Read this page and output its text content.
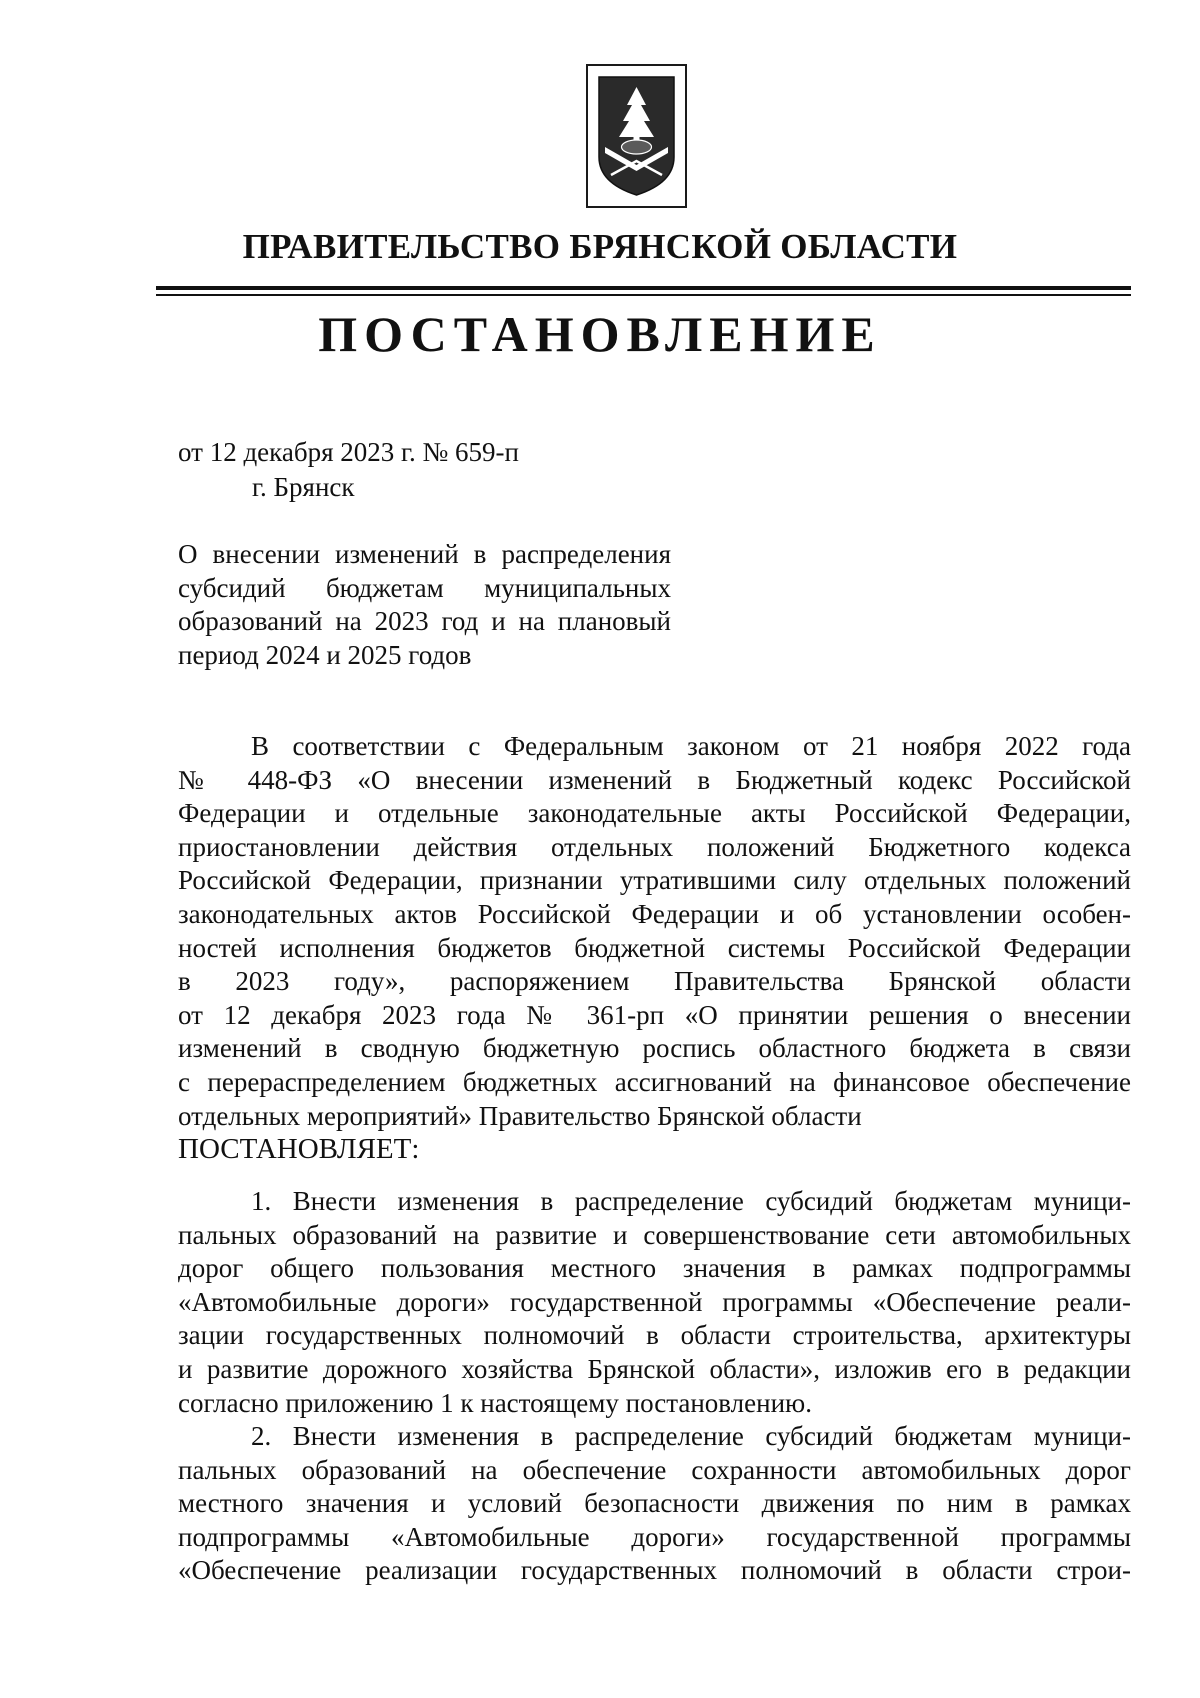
ПРАВИТЕЛЬСТВО БРЯНСКОЙ ОБЛАСТИ
ПОСТАНОВЛЕНИЕ
от 12 декабря 2023 г. № 659-п
г. Брянск
О внесении изменений в распределения
субсидий бюджетам муниципальных
образований на 2023 год и на плановый
период 2024 и 2025 годов
В соответствии с Федеральным законом от 21 ноября 2022 года
№ 448-ФЗ «О внесении изменений в Бюджетный кодекс Российской
Федерации и отдельные законодательные акты Российской Федерации,
приостановлении действия отдельных положений Бюджетного кодекса
Российской Федерации, признании утратившими силу отдельных положений
законодательных актов Российской Федерации и об установлении особен-
ностей исполнения бюджетов бюджетной системы Российской Федерации
в 2023 году», распоряжением Правительства Брянской области
от 12 декабря 2023 года № 361-рп «О принятии решения о внесении
изменений в сводную бюджетную роспись областного бюджета в связи
с перераспределением бюджетных ассигнований на финансовое обеспечение
отдельных мероприятий» Правительство Брянской области
ПОСТАНОВЛЯЕТ:
1. Внести изменения в распределение субсидий бюджетам муници-
пальных образований на развитие и совершенствование сети автомобильных
дорог общего пользования местного значения в рамках подпрограммы
«Автомобильные дороги» государственной программы «Обеспечение реали-
зации государственных полномочий в области строительства, архитектуры
и развитие дорожного хозяйства Брянской области», изложив его в редакции
согласно приложению 1 к настоящему постановлению.
2. Внести изменения в распределение субсидий бюджетам муници-
пальных образований на обеспечение сохранности автомобильных дорог
местного значения и условий безопасности движения по ним в рамках
подпрограммы «Автомобильные дороги» государственной программы
«Обеспечение реализации государственных полномочий в области строи-
